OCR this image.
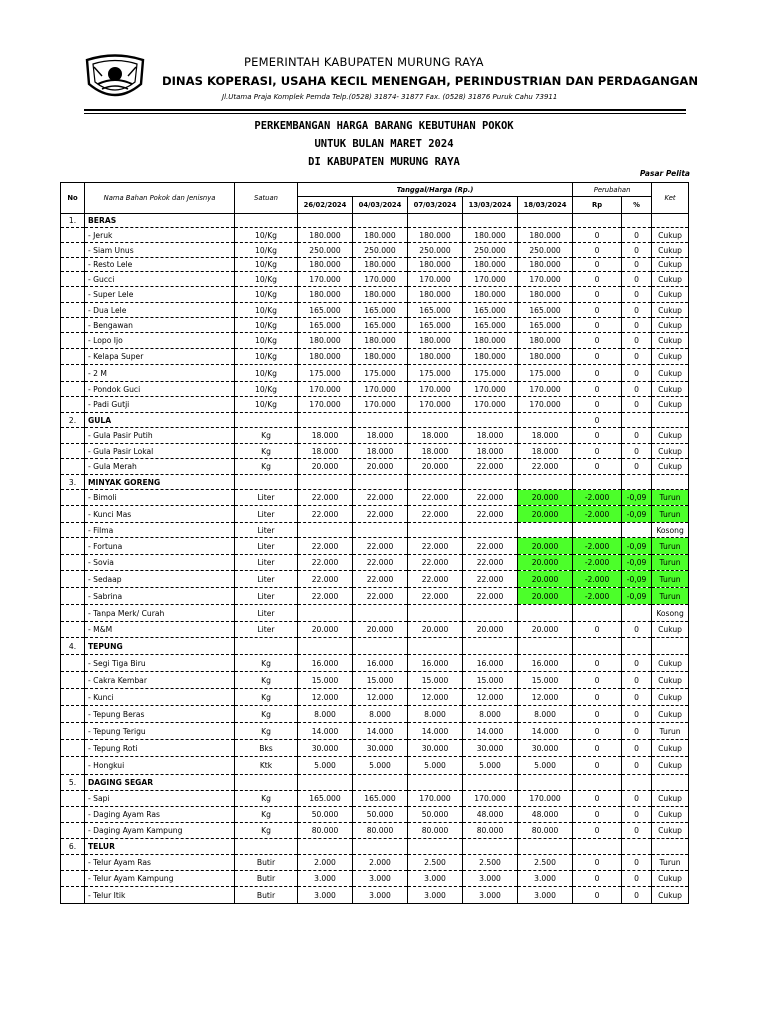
PEMERINTAH KABUPATEN MURUNG RAYA
DINAS KOPERASI, USAHA KECIL MENENGAH, PERINDUSTRIAN DAN PERDAGANGAN
Jl.Utama Praja Komplek Pemda Telp.(0528) 31874- 31877 Fax. (0528) 31876 Puruk Cahu 73911
PERKEMBANGAN HARGA BARANG KEBUTUHAN POKOK
UNTUK BULAN MARET 2024
DI KABUPATEN MURUNG RAYA
Pasar Pelita
No	Nama Bahan Pokok dan Jenisnya	Satuan	Tanggal/Harga (Rp.)					Perubahan		Ket
			26/02/2024	04/03/2024	07/03/2024	13/03/2024	18/03/2024	Rp	%	
1.	BERAS									
	- Jeruk	10/Kg	180.000	180.000	180.000	180.000	180.000	0	0	Cukup
	- Siam Unus	10/Kg	250.000	250.000	250.000	250.000	250.000	0	0	Cukup
	- Resto Lele	10/Kg	180.000	180.000	180.000	180.000	180.000	0	0	Cukup
	- Gucci	10/Kg	170.000	170.000	170.000	170.000	170.000	0	0	Cukup
	- Super Lele	10/Kg	180.000	180.000	180.000	180.000	180.000	0	0	Cukup
	- Dua Lele	10/Kg	165.000	165.000	165.000	165.000	165.000	0	0	Cukup
	- Bengawan	10/Kg	165.000	165.000	165.000	165.000	165.000	0	0	Cukup
	- Lopo Ijo	10/Kg	180.000	180.000	180.000	180.000	180.000	0	0	Cukup
	- Kelapa Super	10/Kg	180.000	180.000	180.000	180.000	180.000	0	0	Cukup
	- 2 M	10/Kg	175.000	175.000	175.000	175.000	175.000	0	0	Cukup
	- Pondok Guci	10/Kg	170.000	170.000	170.000	170.000	170.000	0	0	Cukup
	- Padi Gutji	10/Kg	170.000	170.000	170.000	170.000	170.000	0	0	Cukup
2.	GULA							0		
	- Gula Pasir Putih	Kg	18.000	18.000	18.000	18.000	18.000	0	0	Cukup
	- Gula Pasir Lokal	Kg	18.000	18.000	18.000	18.000	18.000	0	0	Cukup
	- Gula Merah	Kg	20.000	20.000	20.000	22.000	22.000	0	0	Cukup
3.	MINYAK GORENG									
	- Bimoli	Liter	22.000	22.000	22.000	22.000	20.000	-2.000	-0,09	Turun
	- Kunci Mas	Liter	22.000	22.000	22.000	22.000	20.000	-2.000	-0,09	Turun
	- Filma	Liter								Kosong
	- Fortuna	Liter	22.000	22.000	22.000	22.000	20.000	-2.000	-0,09	Turun
	- Sovia	Liter	22.000	22.000	22.000	22.000	20.000	-2.000	-0,09	Turun
	- Sedaap	Liter	22.000	22.000	22.000	22.000	20.000	-2.000	-0,09	Turun
	- Sabrina	Liter	22.000	22.000	22.000	22.000	20.000	-2.000	-0,09	Turun
	- Tanpa Merk/ Curah	Liter								Kosong
	- M&M	Liter	20.000	20.000	20.000	20.000	20.000	0	0	Cukup
4.	TEPUNG									
	- Segi Tiga Biru	Kg	16.000	16.000	16.000	16.000	16.000	0	0	Cukup
	- Cakra Kembar	Kg	15.000	15.000	15.000	15.000	15.000	0	0	Cukup
	- Kunci	Kg	12.000	12.000	12.000	12.000	12.000	0	0	Cukup
	- Tepung Beras	Kg	8.000	8.000	8.000	8.000	8.000	0	0	Cukup
	- Tepung Terigu	Kg	14.000	14.000	14.000	14.000	14.000	0	0	Turun
	- Tepung Roti	Bks	30.000	30.000	30.000	30.000	30.000	0	0	Cukup
	- Hongkui	Ktk	5.000	5.000	5.000	5.000	5.000	0	0	Cukup
5.	DAGING SEGAR									
	- Sapi	Kg	165.000	165.000	170.000	170.000	170.000	0	0	Cukup
	- Daging Ayam Ras	Kg	50.000	50.000	50.000	48.000	48.000	0	0	Cukup
	- Daging Ayam Kampung	Kg	80.000	80.000	80.000	80.000	80.000	0	0	Cukup
6.	TELUR									
	- Telur Ayam Ras	Butir	2.000	2.000	2.500	2.500	2.500	0	0	Turun
	- Telur Ayam Kampung	Butir	3.000	3.000	3.000	3.000	3.000	0	0	Cukup
	- Telur Itik	Butir	3.000	3.000	3.000	3.000	3.000	0	0	Cukup
